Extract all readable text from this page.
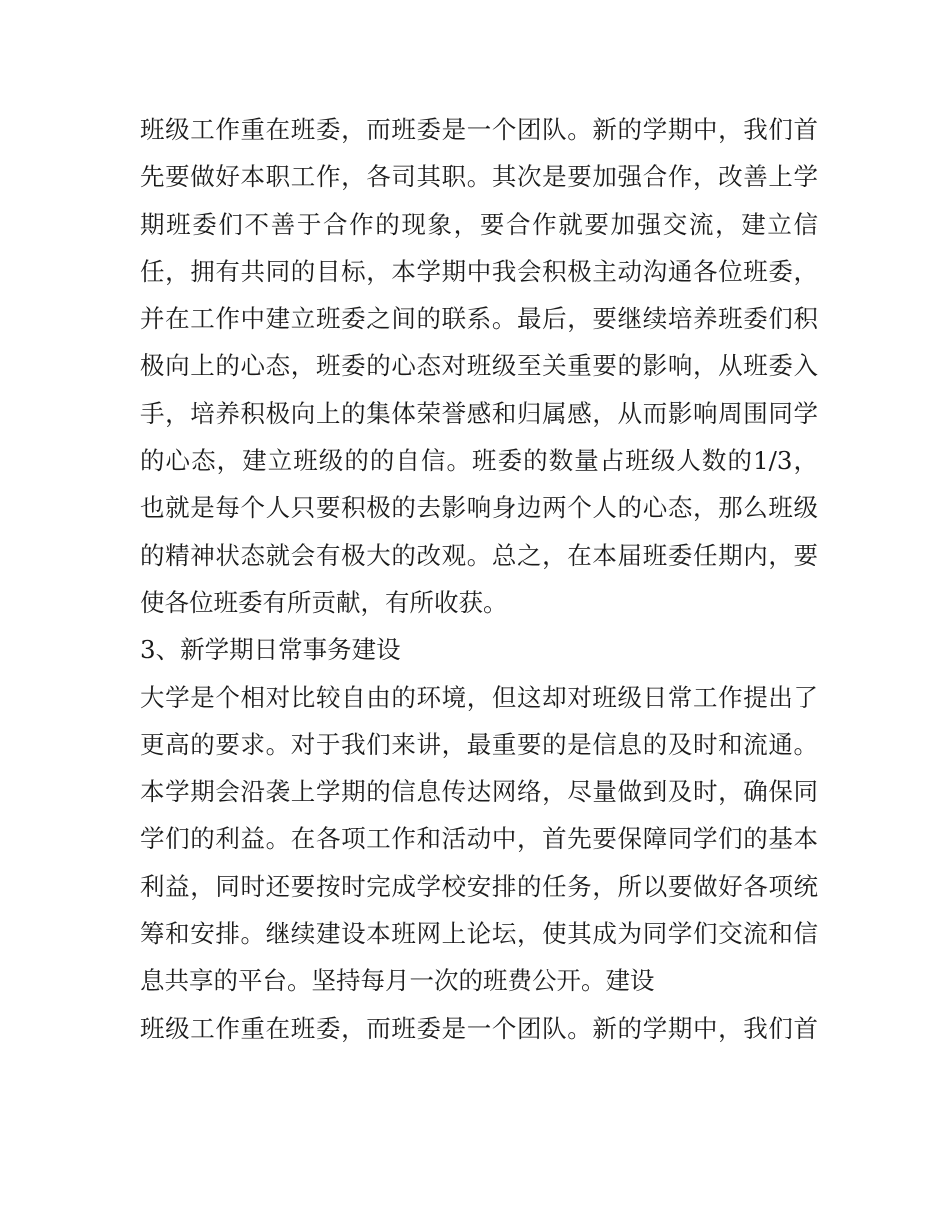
班级工作重在班委，而班委是一个团队。新的学期中，我们首
先要做好本职工作，各司其职。其次是要加强合作，改善上学
期班委们不善于合作的现象，要合作就要加强交流，建立信
任，拥有共同的目标，本学期中我会积极主动沟通各位班委，
并在工作中建立班委之间的联系。最后，要继续培养班委们积
极向上的心态，班委的心态对班级至关重要的影响，从班委入
手，培养积极向上的集体荣誉感和归属感，从而影响周围同学
的心态，建立班级的的自信。班委的数量占班级人数的1/3，
也就是每个人只要积极的去影响身边两个人的心态，那么班级
的精神状态就会有极大的改观。总之，在本届班委任期内，要
使各位班委有所贡献，有所收获。
3、新学期日常事务建设
大学是个相对比较自由的环境，但这却对班级日常工作提出了
更高的要求。对于我们来讲，最重要的是信息的及时和流通。
本学期会沿袭上学期的信息传达网络，尽量做到及时，确保同
学们的利益。在各项工作和活动中，首先要保障同学们的基本
利益，同时还要按时完成学校安排的任务，所以要做好各项统
筹和安排。继续建设本班网上论坛，使其成为同学们交流和信
息共享的平台。坚持每月一次的班费公开。建设
班级工作重在班委，而班委是一个团队。新的学期中，我们首
